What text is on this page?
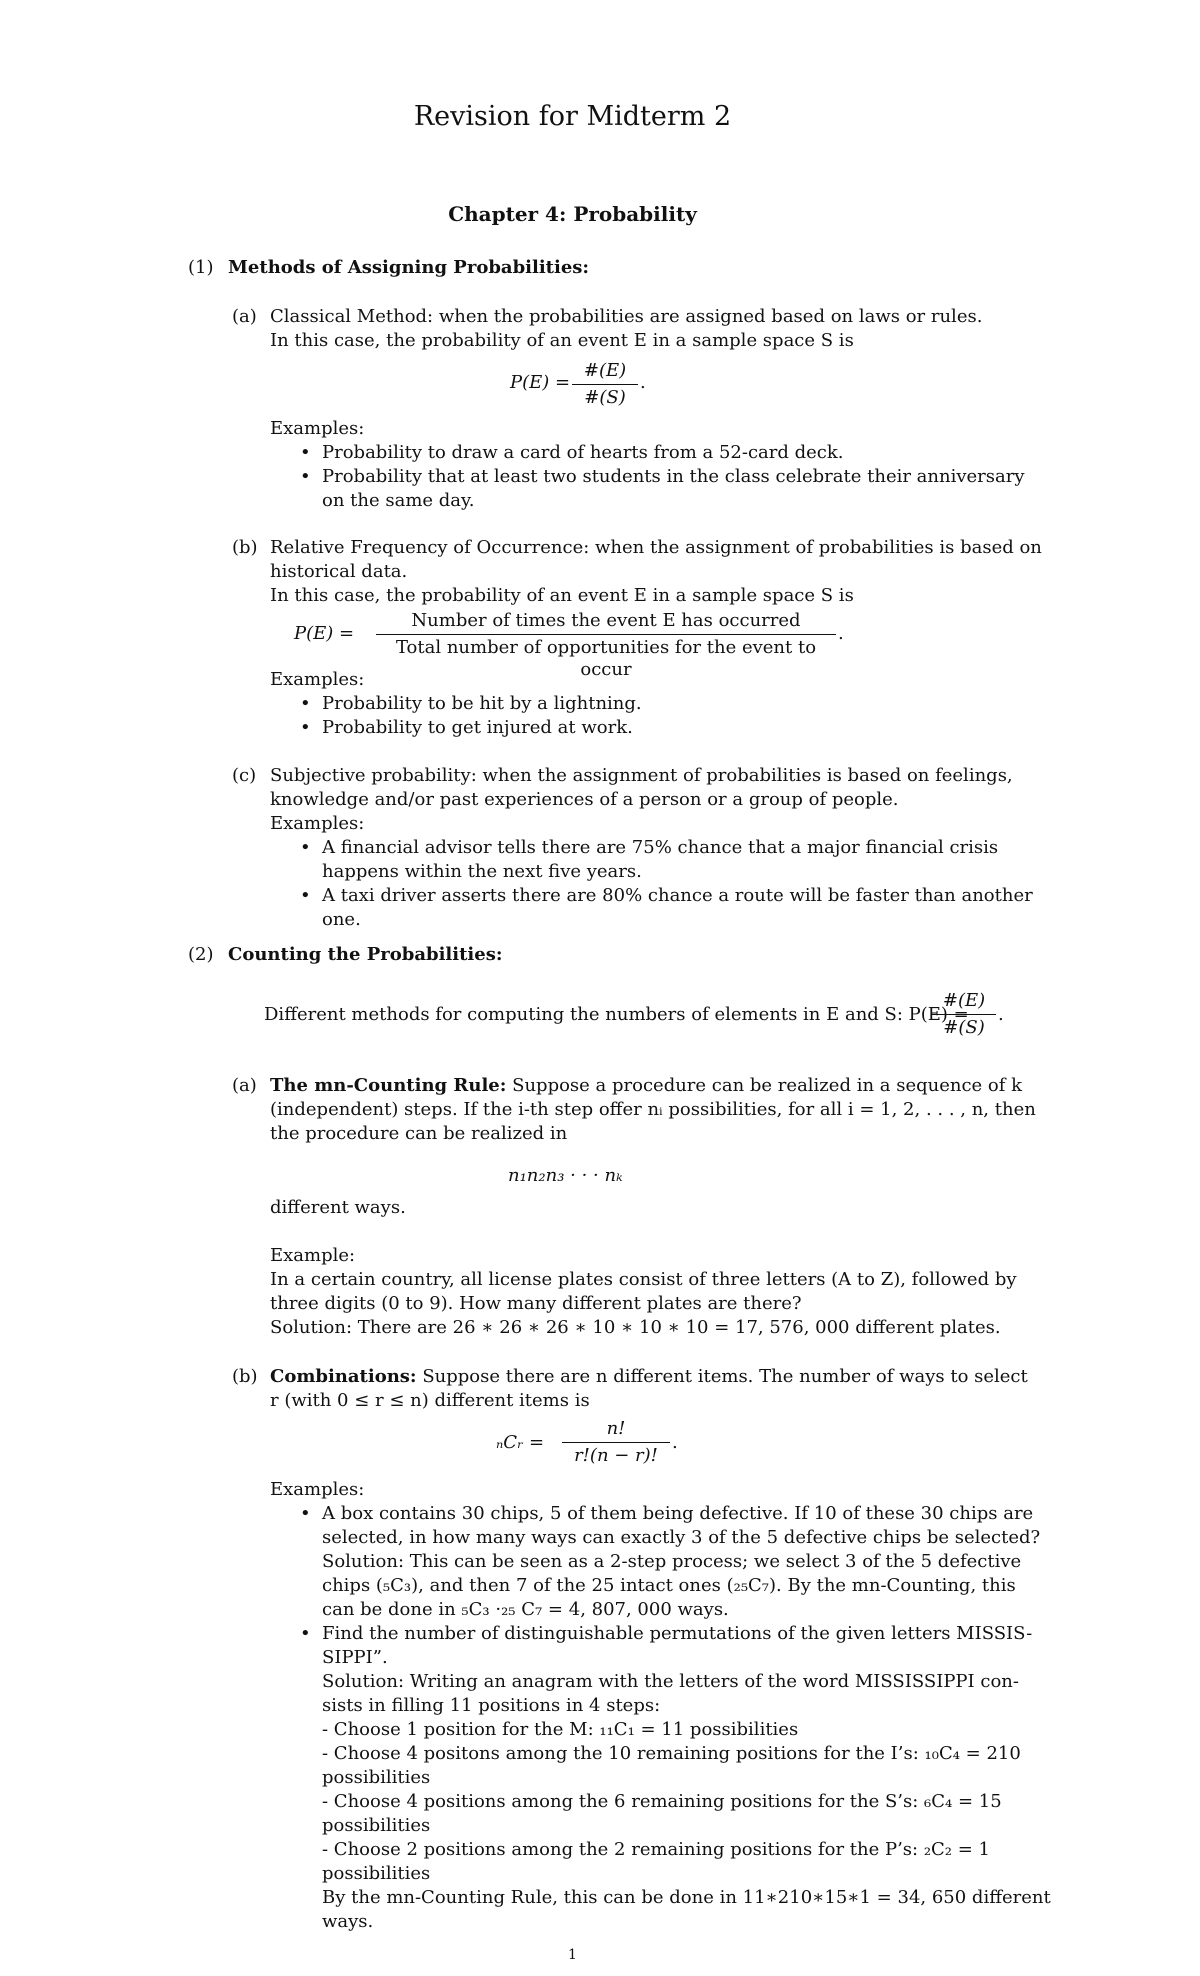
Revision for Midterm 2
Chapter 4: Probability
(1) Methods of Assigning Probabilities:
(a) Classical Method: when the probabilities are assigned based on laws or rules.
In this case, the probability of an event E in a sample space S is
P(E) =
#(E)
#(S)
.
Examples:
• Probability to draw a card of hearts from a 52-card deck.
• Probability that at least two students in the class celebrate their anniversary
on the same day.
(b) Relative Frequency of Occurrence: when the assignment of probabilities is based on
historical data.
In this case, the probability of an event E in a sample space S is
P(E) =
Number of times the event E has occurred
Total number of opportunities for the event to occur
.
Examples:
• Probability to be hit by a lightning.
• Probability to get injured at work.
(c) Subjective probability: when the assignment of probabilities is based on feelings,
knowledge and/or past experiences of a person or a group of people.
Examples:
• A financial advisor tells there are 75% chance that a major financial crisis
happens within the next five years.
• A taxi driver asserts there are 80% chance a route will be faster than another
one.
(2) Counting the Probabilities:
Different methods for computing the numbers of elements in E and S: P(E) =
#(E)
#(S)
.
(a) The mn-Counting Rule: Suppose a procedure can be realized in a sequence of k
(independent) steps. If the i-th step offer nᵢ possibilities, for all i = 1, 2, . . . , n, then
the procedure can be realized in
n₁n₂n₃ · · · nₖ
different ways.
Example:
In a certain country, all license plates consist of three letters (A to Z), followed by
three digits (0 to 9). How many different plates are there?
Solution: There are 26 ∗ 26 ∗ 26 ∗ 10 ∗ 10 ∗ 10 = 17, 576, 000 different plates.
(b) Combinations: Suppose there are n different items. The number of ways to select
r (with 0 ≤ r ≤ n) different items is
ₙCᵣ =
n!
r!(n − r)!
.
Examples:
• A box contains 30 chips, 5 of them being defective. If 10 of these 30 chips are
selected, in how many ways can exactly 3 of the 5 defective chips be selected?
Solution: This can be seen as a 2-step process; we select 3 of the 5 defective
chips (₅C₃), and then 7 of the 25 intact ones (₂₅C₇). By the mn-Counting, this
can be done in ₅C₃ ·₂₅ C₇ = 4, 807, 000 ways.
• Find the number of distinguishable permutations of the given letters MISSIS-
SIPPI”.
Solution: Writing an anagram with the letters of the word MISSISSIPPI con-
sists in filling 11 positions in 4 steps:
- Choose 1 position for the M: ₁₁C₁ = 11 possibilities
- Choose 4 positons among the 10 remaining positions for the I’s: ₁₀C₄ = 210
possibilities
- Choose 4 positions among the 6 remaining positions for the S’s: ₆C₄ = 15
possibilities
- Choose 2 positions among the 2 remaining positions for the P’s: ₂C₂ = 1
possibilities
By the mn-Counting Rule, this can be done in 11∗210∗15∗1 = 34, 650 different
ways.
1
